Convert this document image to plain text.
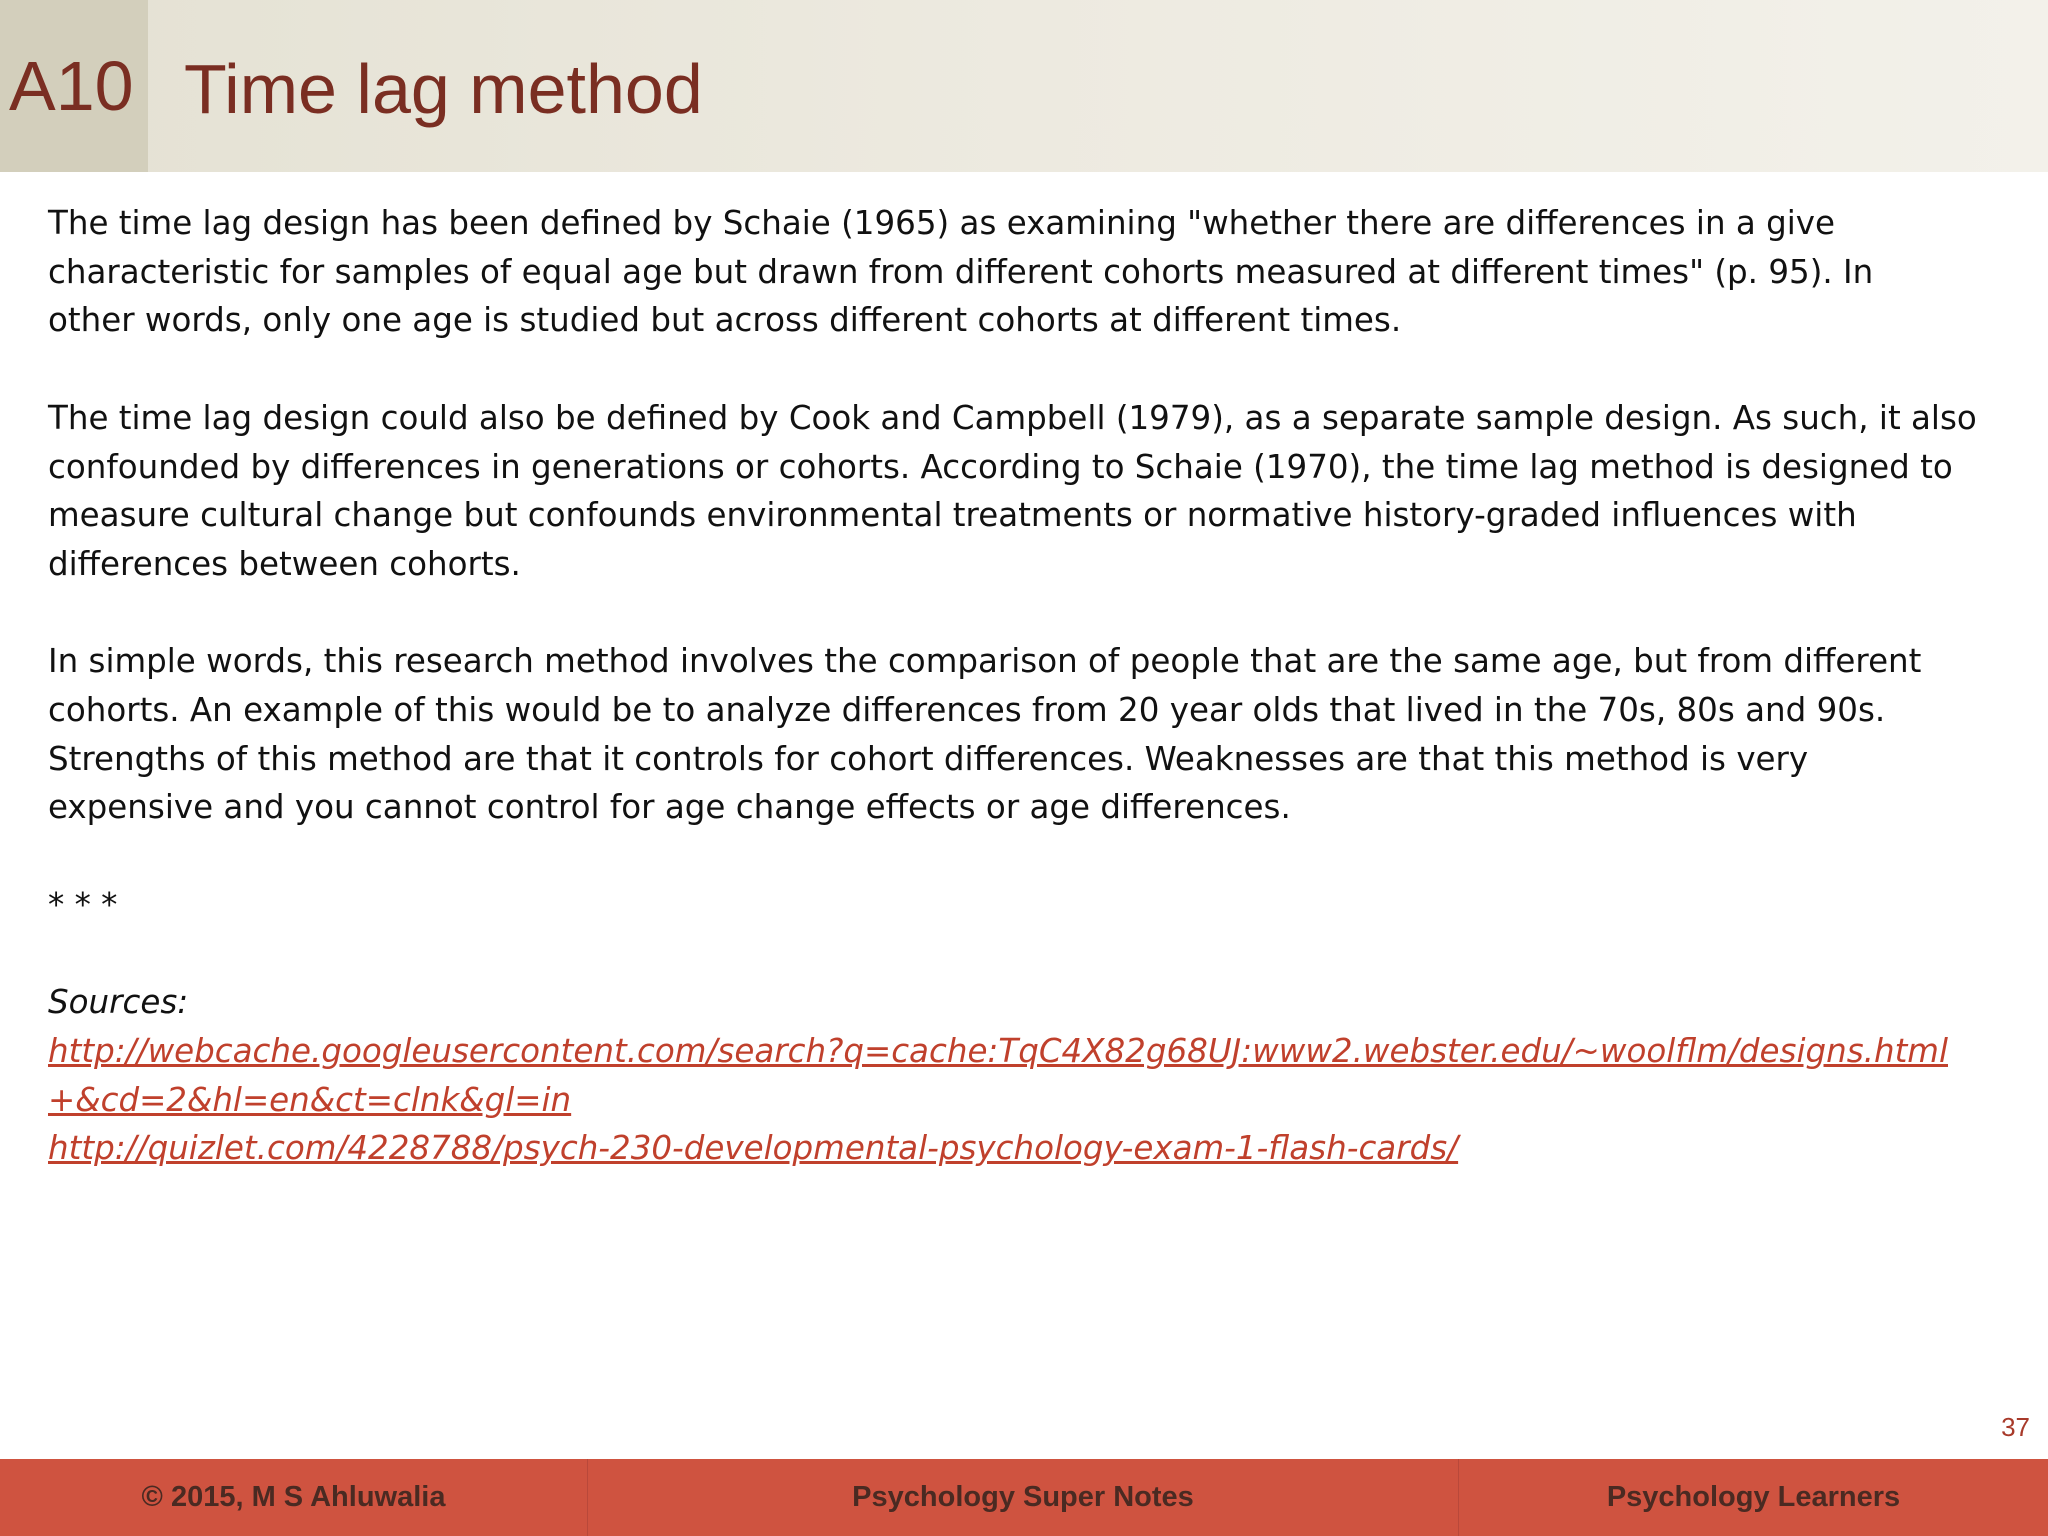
A10 Time lag method

The time lag design has been defined by Schaie (1965) as examining "whether there are differences in a give
characteristic for samples of equal age but drawn from different cohorts measured at different times" (p. 95). In
other words, only one age is studied but across different cohorts at different times.

The time lag design could also be defined by Cook and Campbell (1979), as a separate sample design. As such, it also
confounded by differences in generations or cohorts. According to Schaie (1970), the time lag method is designed to
measure cultural change but confounds environmental treatments or normative history-graded influences with
differences between cohorts.

In simple words, this research method involves the comparison of people that are the same age, but from different
cohorts. An example of this would be to analyze differences from 20 year olds that lived in the 70s, 80s and 90s.
Strengths of this method are that it controls for cohort differences. Weaknesses are that this method is very
expensive and you cannot control for age change effects or age differences.

* * *
Sources:
http://webcache.googleusercontent.com/search?q=cache:TqC4X82g68UJ:www2.webster.edu/~woolflm/designs.html
+&cd=2&hl=en&ct=clnk&gl=in
http://quizlet.com/4228788/psych-230-developmental-psychology-exam-1-flash-cards/
37
© 2015, M S Ahluwalia	Psychology Super Notes	Psychology Learners
